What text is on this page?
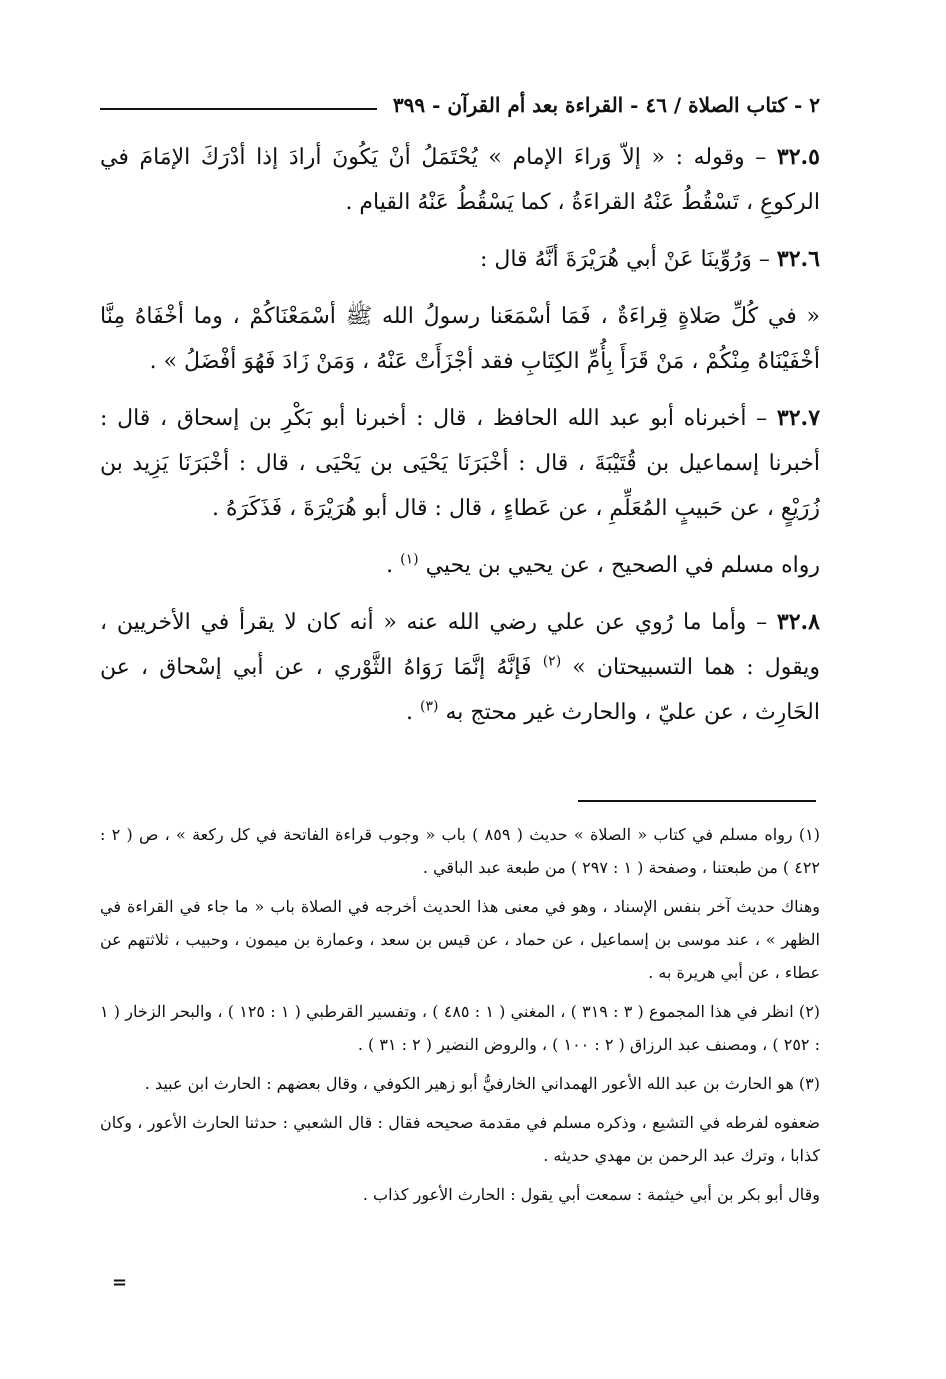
٢ - كتاب الصلاة / ٤٦ - القراءة بعد أم القرآن - ٣٩٩

٣٢.٥ – وقوله : « إلاّ وَراءَ الإمام » يُحْتَمَلُ أنْ يَكُونَ أرادَ إذا أدْرَكَ الإمَامَ في الركوعِ ، تَسْقُطُ عَنْهُ القراءَةُ ، كما يَسْقُطُ عَنْهُ القيام .

٣٢.٦ – وَرُوِّينَا عَنْ أبي هُرَيْرَةَ أنَّهُ قال :

« في كُلِّ صَلاةٍ قِراءَةٌ ، فَمَا أسْمَعَنا رسولُ الله ﷺ أسْمَعْنَاكُمْ ، وما أخْفَاهُ مِنَّا أخْفَيْنَاهُ مِنْكُمْ ، مَنْ قَرَأَ بِأُمِّ الكِتَابِ فقد أجْزَأَتْ عَنْهُ ، وَمَنْ زَادَ فَهُوَ أفْضَلُ » .

٣٢.٧ – أخبرناه أبو عبد الله الحافظ ، قال : أخبرنا أبو بَكْرِ بن إسحاق ، قال : أخبرنا إسماعيل بن قُتَيْبَةَ ، قال : أخْبَرَنَا يَحْيَى بن يَحْيَى ، قال : أخْبَرَنَا يَزِيد بن زُرَيْعٍ ، عن حَبيبٍ المُعَلِّمِ ، عن عَطاءٍ ، قال : قال أبو هُرَيْرَةَ ، فَذَكَرَهُ .

رواه مسلم في الصحيح ، عن يحيي بن يحيي $^{(١)}$ .

٣٢.٨ – وأما ما رُوي عن علي رضي الله عنه « أنه كان لا يقرأ في الأخريين ، ويقول : هما التسبيحتان » $^{(٢)}$ فَإنَّهُ إنَّمَا رَوَاهُ الثَّوْري ، عن أبي إسْحاق ، عن الحَارِث ، عن عليّ ، والحارث غير محتج به $^{(٣)}$ .

(١) رواه مسلم في كتاب « الصلاة » حديث ( ٨٥٩ ) باب « وجوب قراءة الفاتحة في كل ركعة » ، ص ( ٢ : ٤٢٢ ) من طبعتنا ، وصفحة ( ١ : ٢٩٧ ) من طبعة عبد الباقي .

وهناك حديث آخر بنفس الإسناد ، وهو في معنى هذا الحديث أخرجه في الصلاة باب « ما جاء في القراءة في الظهر » ، عند موسى بن إسماعيل ، عن حماد ، عن قيس بن سعد ، وعمارة بن ميمون ، وحبيب ، ثلاثتهم عن عطاء ، عن أبي هريرة به .

(٢) انظر في هذا المجموع ( ٣ : ٣١٩ ) ، المغني ( ١ : ٤٨٥ ) ، وتفسير القرطبي ( ١ : ١٢٥ ) ، والبحر الزخار ( ١ : ٢٥٢ ) ، ومصنف عبد الرزاق ( ٢ : ١٠٠ ) ، والروض النضير ( ٢ : ٣١ ) .

(٣) هو الحارث بن عبد الله الأعور الهمداني الخارفيُّ أبو زهير الكوفي ، وقال بعضهم : الحارث ابن عبيد .

ضعفوه لفرطه في التشيع ، وذكره مسلم في مقدمة صحيحه فقال : قال الشعبي : حدثنا الحارث الأعور ، وكان كذابا ، وترك عبد الرحمن بن مهدي حديثه .

وقال أبو بكر بن أبي خيثمة : سمعت أبي يقول : الحارث الأعور كذاب .

=
